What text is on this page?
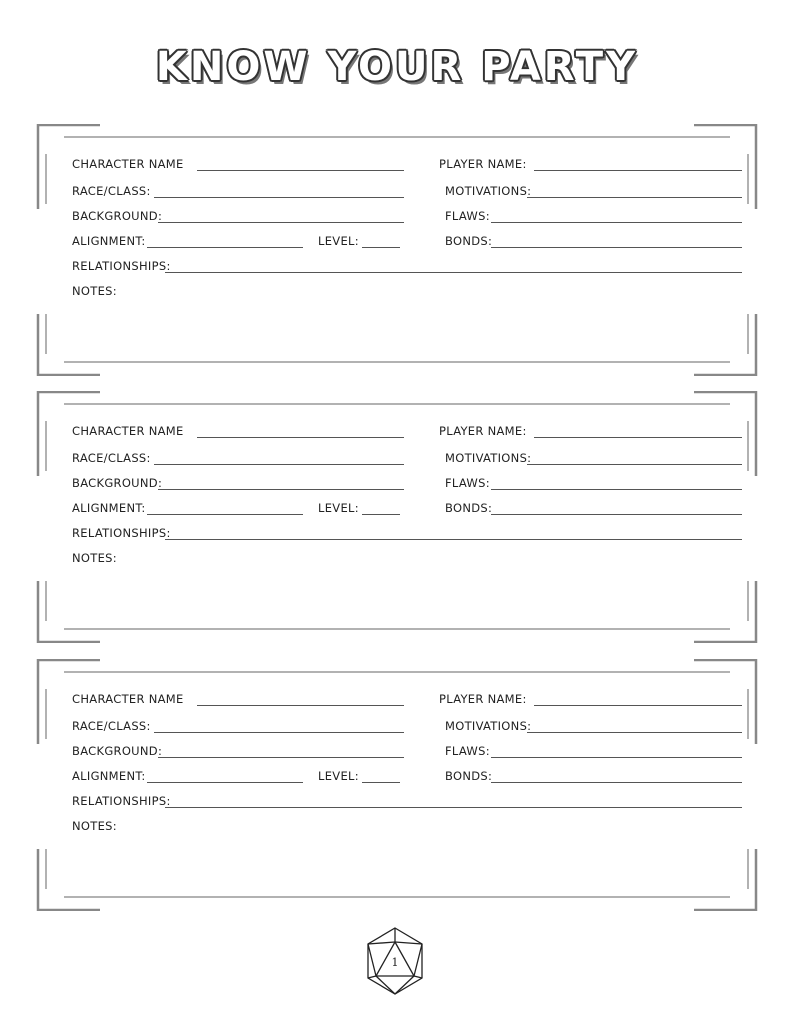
KNOW YOUR PARTY
CHARACTER NAME	PLAYER NAME:
RACE/CLASS:	MOTIVATIONS:
BACKGROUND:	FLAWS:
ALIGNMENT:	LEVEL:	BONDS:
RELATIONSHIPS:
NOTES:
CHARACTER NAME	PLAYER NAME:
RACE/CLASS:	MOTIVATIONS:
BACKGROUND:	FLAWS:
ALIGNMENT:	LEVEL:	BONDS:
RELATIONSHIPS:
NOTES:
CHARACTER NAME	PLAYER NAME:
RACE/CLASS:	MOTIVATIONS:
BACKGROUND:	FLAWS:
ALIGNMENT:	LEVEL:	BONDS:
RELATIONSHIPS:
NOTES:
1
